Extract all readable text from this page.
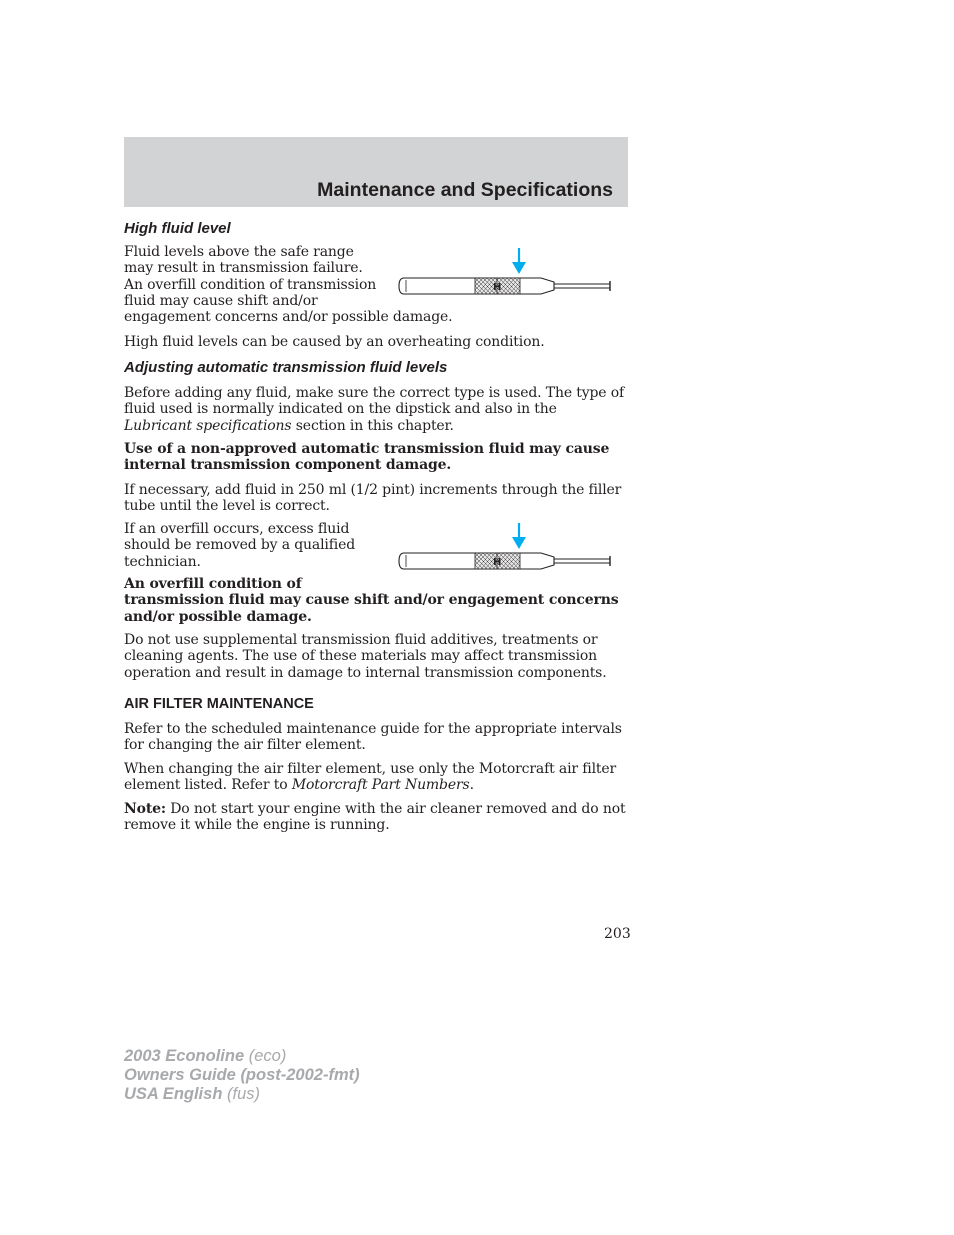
Maintenance and Specifications
High fluid level
Fluid levels above the safe range
may result in transmission failure.
An overfill condition of transmission
fluid may cause shift and/or
engagement concerns and/or possible damage.
H
High fluid levels can be caused by an overheating condition.
Adjusting automatic transmission fluid levels
Before adding any fluid, make sure the correct type is used. The type of
fluid used is normally indicated on the dipstick and also in the
Lubricant specifications section in this chapter.
Use of a non-approved automatic transmission fluid may cause
internal transmission component damage.
If necessary, add fluid in 250 ml (1/2 pint) increments through the filler
tube until the level is correct.
If an overfill occurs, excess fluid
should be removed by a qualified
technician.	H
An overfill condition of
transmission fluid may cause shift and/or engagement concerns
and/or possible damage.
Do not use supplemental transmission fluid additives, treatments or
cleaning agents. The use of these materials may affect transmission
operation and result in damage to internal transmission components.
AIR FILTER MAINTENANCE
Refer to the scheduled maintenance guide for the appropriate intervals
for changing the air filter element.
When changing the air filter element, use only the Motorcraft air filter
element listed. Refer to Motorcraft Part Numbers.
Note: Do not start your engine with the air cleaner removed and do not
remove it while the engine is running.
203
2003 Econoline (eco)
Owners Guide (post-2002-fmt)
USA English (fus)
